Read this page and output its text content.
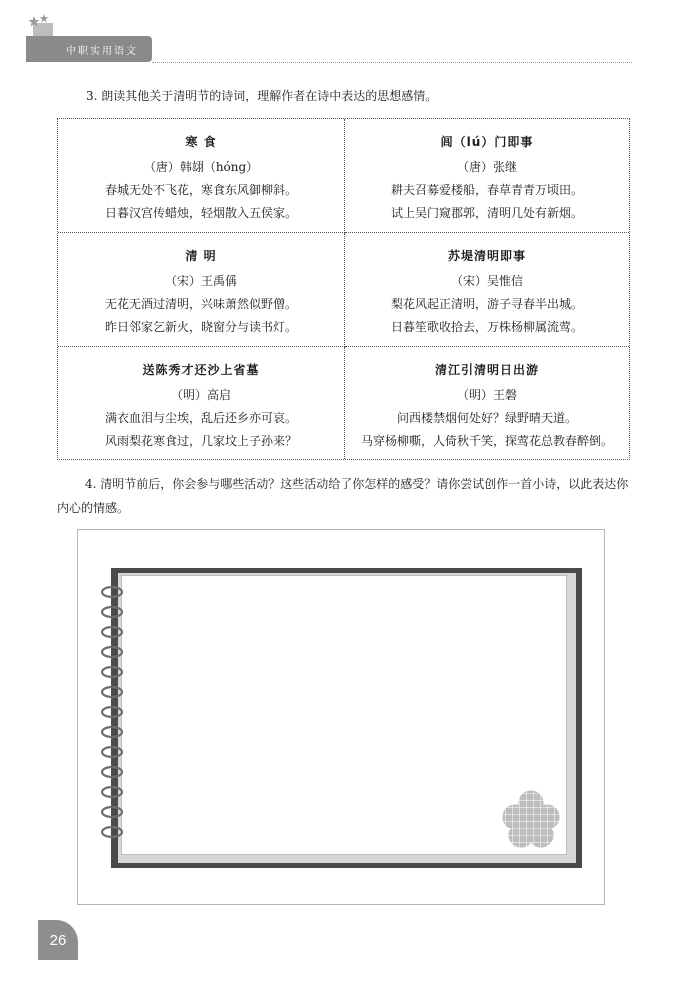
中职实用语文
3. 朗读其他关于清明节的诗词，理解作者在诗中表达的思想感情。
寒 食
（唐）韩翃（hóng）
春城无处不飞花，寒食东风御柳斜。
日暮汉宫传蜡烛，轻烟散入五侯家。
闾（lú）门即事
（唐）张继
耕夫召募爱楼船，春草青青万顷田。
试上吴门窥郡郭，清明几处有新烟。
清 明
（宋）王禹偁
无花无酒过清明，兴味萧然似野僧。
昨日邻家乞新火，晓窗分与读书灯。
苏堤清明即事
（宋）吴惟信
梨花风起正清明，游子寻春半出城。
日暮笙歌收拾去，万株杨柳属流莺。
送陈秀才还沙上省墓
（明）高启
满衣血泪与尘埃，乱后还乡亦可哀。
风雨梨花寒食过，几家坟上子孙来？
清江引清明日出游
（明）王磐
问西楼禁烟何处好？绿野晴天道。
马穿杨柳嘶，人倚秋千笑，探莺花总教春醉倒。
4. 清明节前后，你会参与哪些活动？这些活动给了你怎样的感受？请你尝试创作一首小诗，以此表达你内心的情感。
26
